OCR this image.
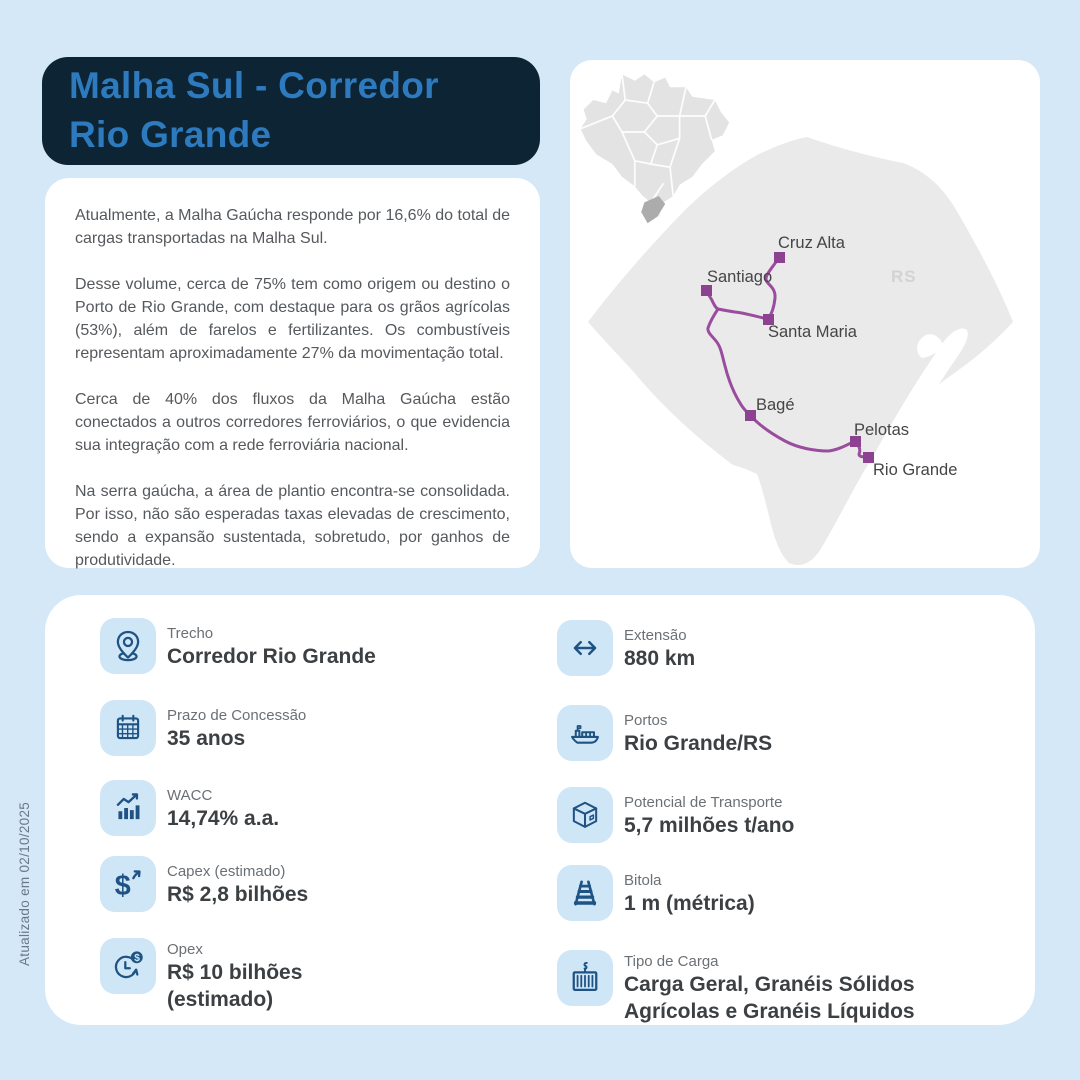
Atualizado em 02/10/2025
Malha Sul - Corredor
Rio Grande

Atualmente, a Malha Gaúcha responde por 16,6% do total de cargas transportadas na Malha Sul.

Desse volume, cerca de 75% tem como origem ou destino o Porto de Rio Grande, com destaque para os grãos agrícolas (53%), além de farelos e fertilizantes. Os combustíveis representam aproximadamente 27% da movimentação total.

Cerca de 40% dos fluxos da Malha Gaúcha estão conectados a outros corredores ferroviários, o que evidencia sua integração com a rede ferroviária nacional.

Na serra gaúcha, a área de plantio encontra-se consolidada. Por isso, não são esperadas taxas elevadas de crescimento, sendo a expansão sustentada, sobretudo, por ganhos de produtividade.

Cruz Alta
Santiago
Santa Maria
Bagé
Pelotas
Rio Grande
RS
Trecho
Corredor Rio Grande
Prazo de Concessão
35 anos
WACC
14,74% a.a.
$ Capex (estimado)
R$ 2,8 bilhões
$
Opex
R$ 10 bilhões (estimado)
Extensão
880 km
Portos
Rio Grande/RS
Potencial de Transporte
5,7 milhões t/ano
Bitola
1 m (métrica)
Tipo de Carga
Carga Geral, Granéis Sólidos Agrícolas e Granéis Líquidos
